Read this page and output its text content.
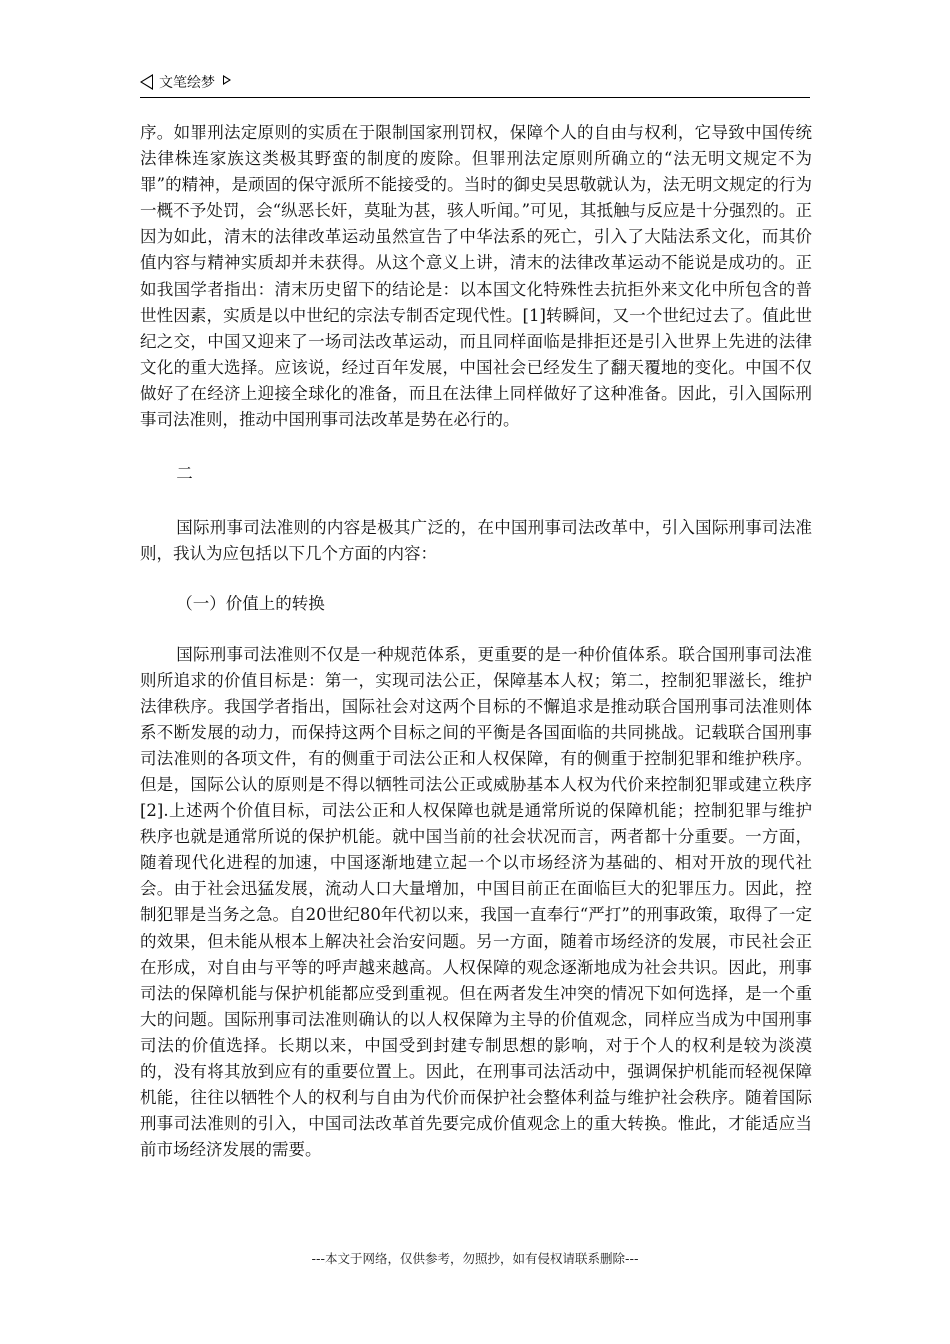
文笔绘梦

序。如罪刑法定原则的实质在于限制国家刑罚权，保障个人的自由与权利，它导致中国传统法律株连家族这类极其野蛮的制度的废除。但罪刑法定原则所确立的“法无明文规定不为罪”的精神，是顽固的保守派所不能接受的。当时的御史吴思敬就认为，法无明文规定的行为一概不予处罚，会“纵恶长奸，莫耻为甚，骇人听闻。”可见，其抵触与反应是十分强烈的。正因为如此，清末的法律改革运动虽然宣告了中华法系的死亡，引入了大陆法系文化，而其价值内容与精神实质却并未获得。从这个意义上讲，清末的法律改革运动不能说是成功的。正如我国学者指出：清末历史留下的结论是：以本国文化特殊性去抗拒外来文化中所包含的普世性因素，实质是以中世纪的宗法专制否定现代性。[1]转瞬间，又一个世纪过去了。值此世纪之交，中国又迎来了一场司法改革运动，而且同样面临是排拒还是引入世界上先进的法律文化的重大选择。应该说，经过百年发展，中国社会已经发生了翻天覆地的变化。中国不仅做好了在经济上迎接全球化的准备，而且在法律上同样做好了这种准备。因此，引入国际刑事司法准则，推动中国刑事司法改革是势在必行的。

二

国际刑事司法准则的内容是极其广泛的，在中国刑事司法改革中，引入国际刑事司法准则，我认为应包括以下几个方面的内容：

（一）价值上的转换

国际刑事司法准则不仅是一种规范体系，更重要的是一种价值体系。联合国刑事司法准则所追求的价值目标是：第一，实现司法公正，保障基本人权；第二，控制犯罪滋长，维护法律秩序。我国学者指出，国际社会对这两个目标的不懈追求是推动联合国刑事司法准则体系不断发展的动力，而保持这两个目标之间的平衡是各国面临的共同挑战。记载联合国刑事司法准则的各项文件，有的侧重于司法公正和人权保障，有的侧重于控制犯罪和维护秩序。但是，国际公认的原则是不得以牺牲司法公正或威胁基本人权为代价来控制犯罪或建立秩序[2].上述两个价值目标，司法公正和人权保障也就是通常所说的保障机能；控制犯罪与维护秩序也就是通常所说的保护机能。就中国当前的社会状况而言，两者都十分重要。一方面，随着现代化进程的加速，中国逐渐地建立起一个以市场经济为基础的、相对开放的现代社会。由于社会迅猛发展，流动人口大量增加，中国目前正在面临巨大的犯罪压力。因此，控制犯罪是当务之急。自20世纪80年代初以来，我国一直奉行“严打”的刑事政策，取得了一定的效果，但未能从根本上解决社会治安问题。另一方面，随着市场经济的发展，市民社会正在形成，对自由与平等的呼声越来越高。人权保障的观念逐渐地成为社会共识。因此，刑事司法的保障机能与保护机能都应受到重视。但在两者发生冲突的情况下如何选择，是一个重大的问题。国际刑事司法准则确认的以人权保障为主导的价值观念，同样应当成为中国刑事司法的价值选择。长期以来，中国受到封建专制思想的影响，对于个人的权利是较为淡漠的，没有将其放到应有的重要位置上。因此，在刑事司法活动中，强调保护机能而轻视保障机能，往往以牺牲个人的权利与自由为代价而保护社会整体利益与维护社会秩序。随着国际刑事司法准则的引入，中国司法改革首先要完成价值观念上的重大转换。惟此，才能适应当前市场经济发展的需要。

---本文于网络，仅供参考，勿照抄，如有侵权请联系删除---
